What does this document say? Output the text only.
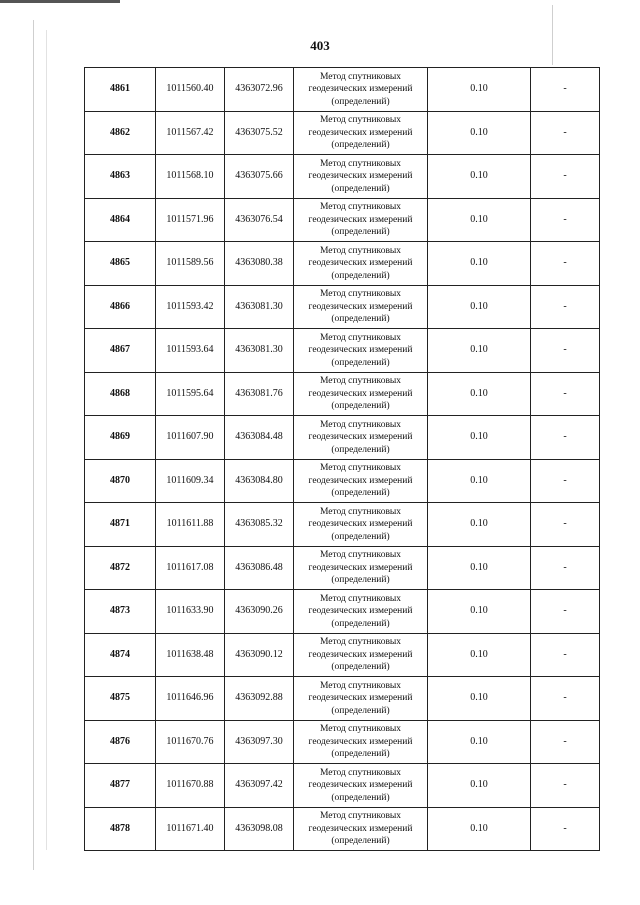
403
4861	1011560.40	4363072.96	Метод спутниковых
геодезических измерений
(определений)	0.10	-
4862	1011567.42	4363075.52	Метод спутниковых
геодезических измерений
(определений)	0.10	-
4863	1011568.10	4363075.66	Метод спутниковых
геодезических измерений
(определений)	0.10	-
4864	1011571.96	4363076.54	Метод спутниковых
геодезических измерений
(определений)	0.10	-
4865	1011589.56	4363080.38	Метод спутниковых
геодезических измерений
(определений)	0.10	-
4866	1011593.42	4363081.30	Метод спутниковых
геодезических измерений
(определений)	0.10	-
4867	1011593.64	4363081.30	Метод спутниковых
геодезических измерений
(определений)	0.10	-
4868	1011595.64	4363081.76	Метод спутниковых
геодезических измерений
(определений)	0.10	-
4869	1011607.90	4363084.48	Метод спутниковых
геодезических измерений
(определений)	0.10	-
4870	1011609.34	4363084.80	Метод спутниковых
геодезических измерений
(определений)	0.10	-
4871	1011611.88	4363085.32	Метод спутниковых
геодезических измерений
(определений)	0.10	-
4872	1011617.08	4363086.48	Метод спутниковых
геодезических измерений
(определений)	0.10	-
4873	1011633.90	4363090.26	Метод спутниковых
геодезических измерений
(определений)	0.10	-
4874	1011638.48	4363090.12	Метод спутниковых
геодезических измерений
(определений)	0.10	-
4875	1011646.96	4363092.88	Метод спутниковых
геодезических измерений
(определений)	0.10	-
4876	1011670.76	4363097.30	Метод спутниковых
геодезических измерений
(определений)	0.10	-
4877	1011670.88	4363097.42	Метод спутниковых
геодезических измерений
(определений)	0.10	-
4878	1011671.40	4363098.08	Метод спутниковых
геодезических измерений
(определений)	0.10	-
